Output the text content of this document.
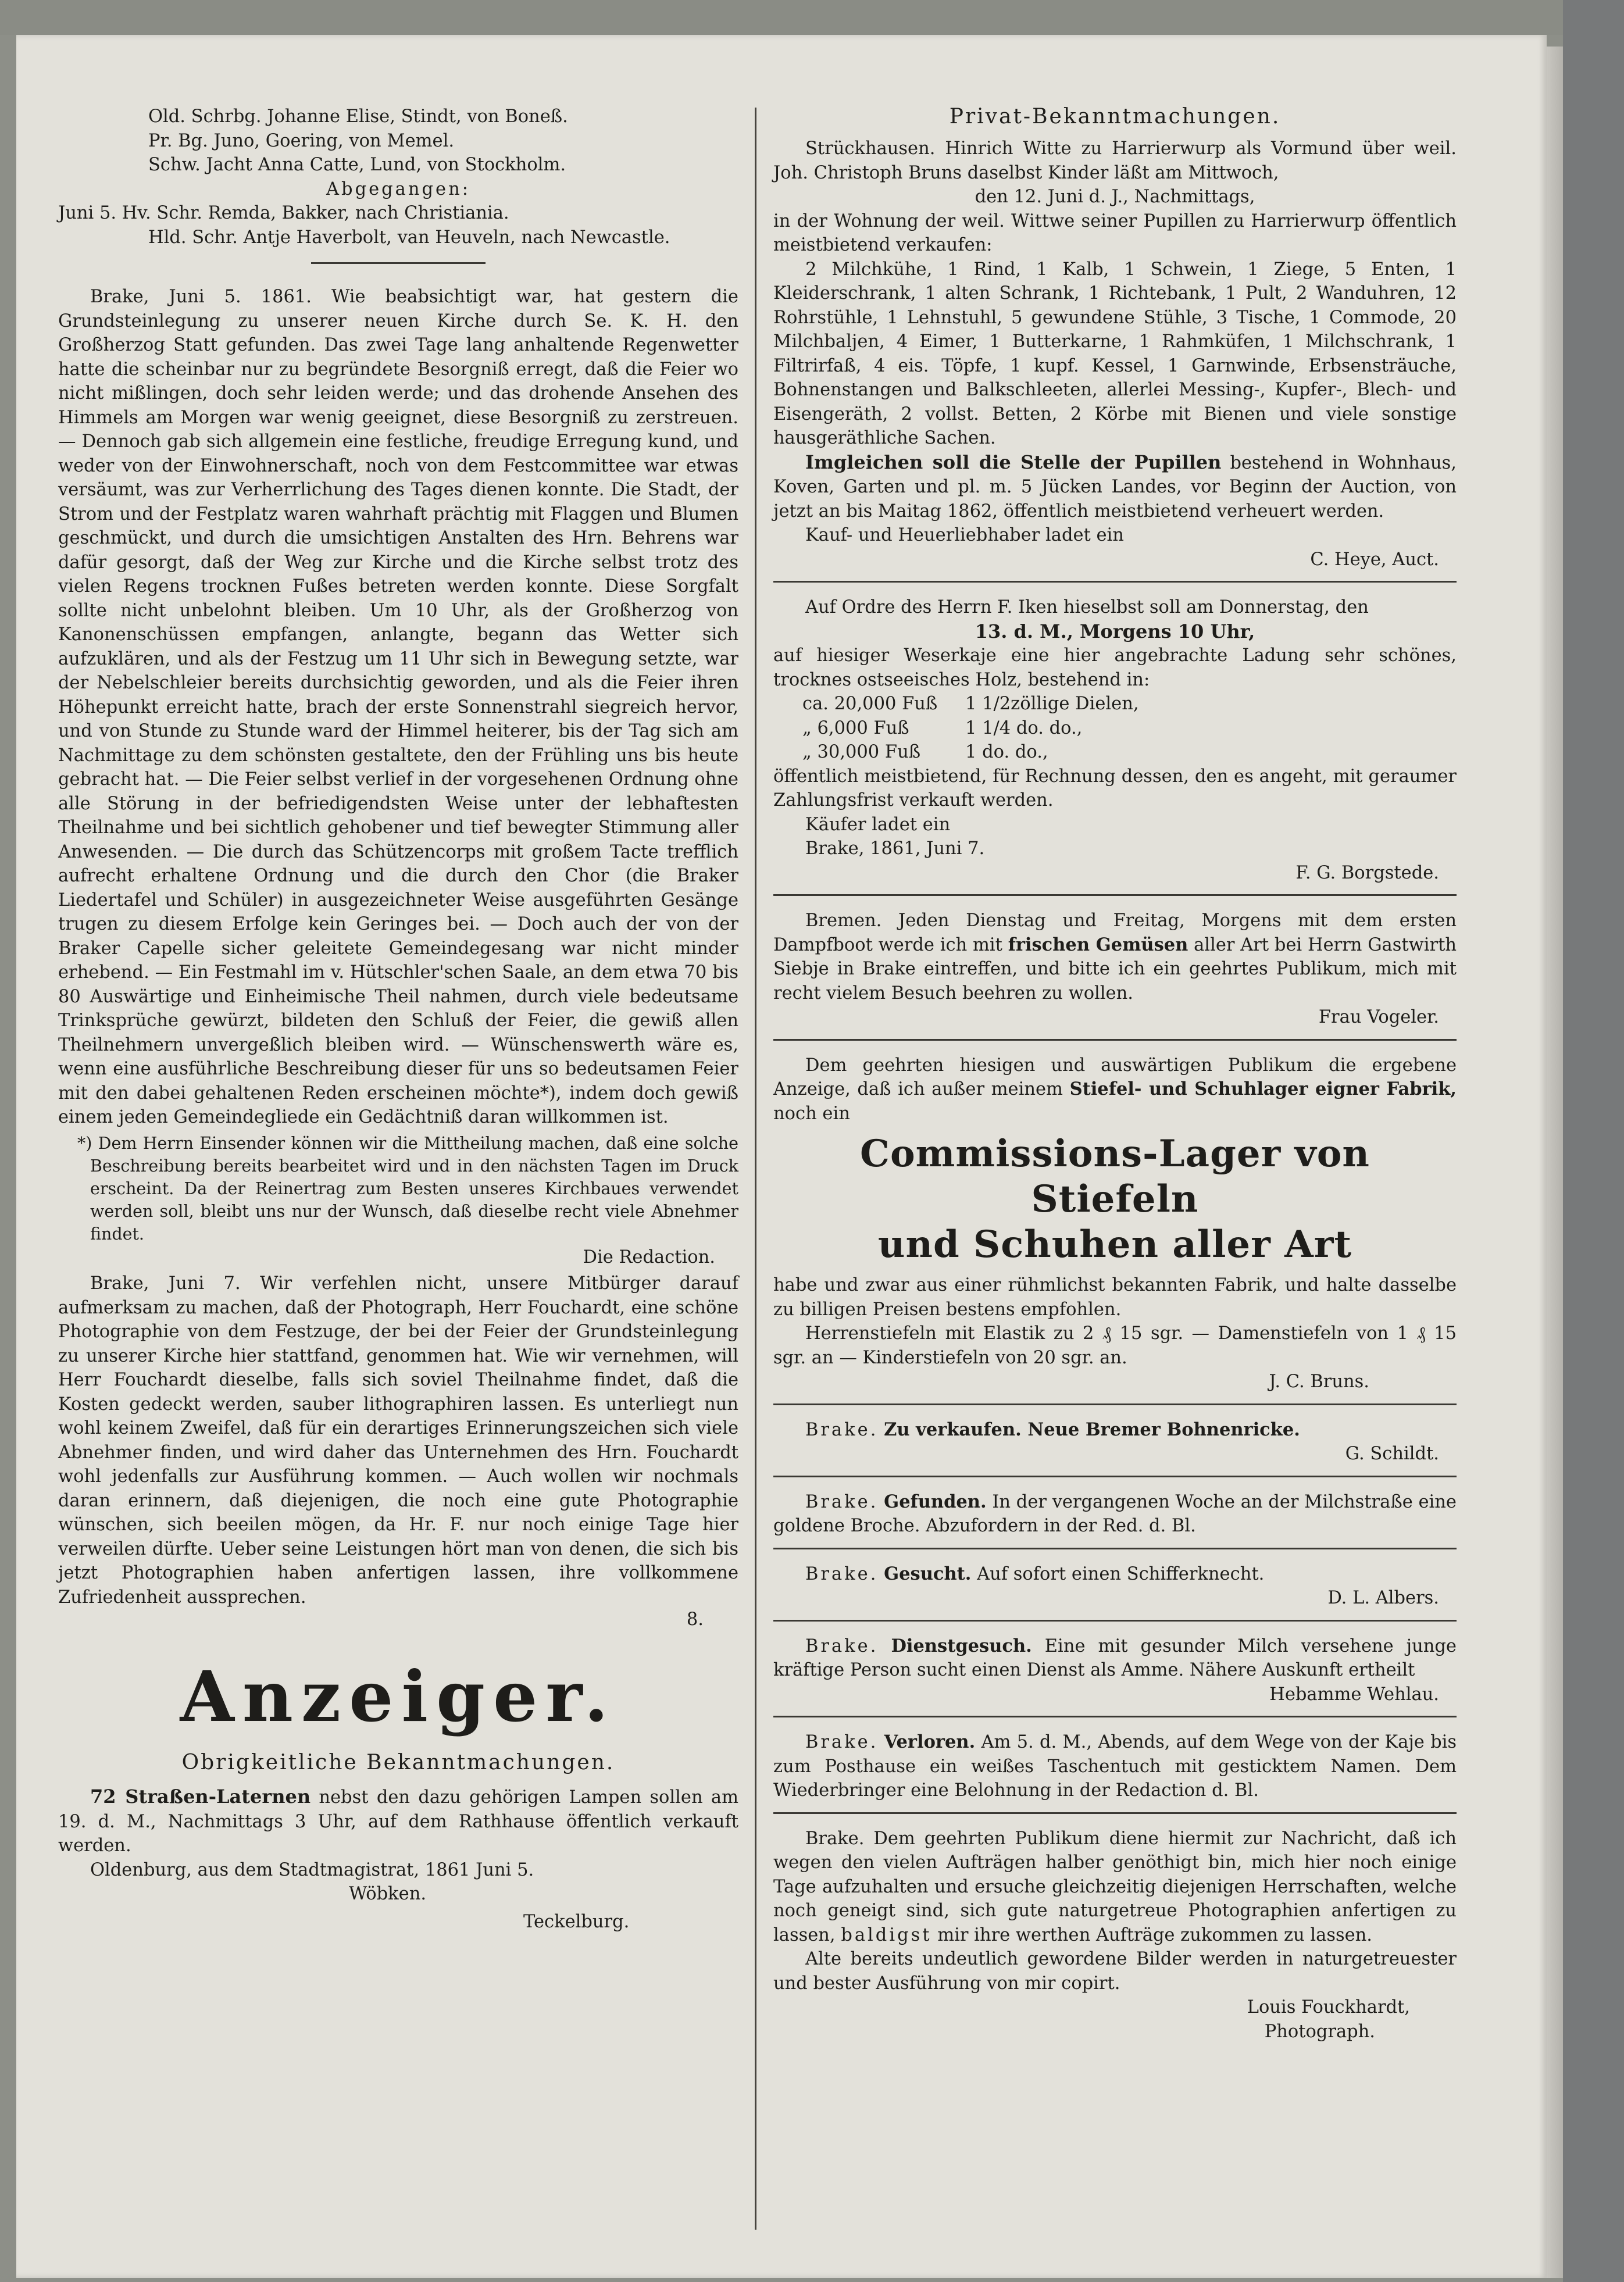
Old. Schrbg. Johanne Elise, Stindt, von Boneß.

Pr. Bg. Juno, Goering, von Memel.

Schw. Jacht Anna Catte, Lund, von Stockholm.

Abgegangen:

Juni 5. Hv. Schr. Remda, Bakker, nach Christiania.

Hld. Schr. Antje Haverbolt, van Heuveln, nach Newcastle.

Brake, Juni 5. 1861. Wie beabsichtigt war, hat gestern die Grundsteinlegung zu unserer neuen Kirche durch Se. K. H. den Großherzog Statt gefunden. Das zwei Tage lang anhaltende Regenwetter hatte die scheinbar nur zu begründete Besorgniß erregt, daß die Feier wo nicht mißlingen, doch sehr leiden werde; und das drohende Ansehen des Himmels am Morgen war wenig geeignet, diese Besorgniß zu zerstreuen. — Dennoch gab sich allgemein eine festliche, freudige Erregung kund, und weder von der Einwohnerschaft, noch von dem Festcommittee war etwas versäumt, was zur Verherrlichung des Tages dienen konnte. Die Stadt, der Strom und der Festplatz waren wahrhaft prächtig mit Flaggen und Blumen geschmückt, und durch die umsichtigen Anstalten des Hrn. Behrens war dafür gesorgt, daß der Weg zur Kirche und die Kirche selbst trotz des vielen Regens trocknen Fußes betreten werden konnte. Diese Sorgfalt sollte nicht unbelohnt bleiben. Um 10 Uhr, als der Großherzog von Kanonenschüssen empfangen, anlangte, begann das Wetter sich aufzuklären, und als der Festzug um 11 Uhr sich in Bewegung setzte, war der Nebelschleier bereits durchsichtig geworden, und als die Feier ihren Höhepunkt erreicht hatte, brach der erste Sonnenstrahl siegreich hervor, und von Stunde zu Stunde ward der Himmel heiterer, bis der Tag sich am Nachmittage zu dem schönsten gestaltete, den der Frühling uns bis heute gebracht hat. — Die Feier selbst verlief in der vorgesehenen Ordnung ohne alle Störung in der befriedigendsten Weise unter der lebhaftesten Theilnahme und bei sichtlich gehobener und tief bewegter Stimmung aller Anwesenden. — Die durch das Schützencorps mit großem Tacte trefflich aufrecht erhaltene Ordnung und die durch den Chor (die Braker Liedertafel und Schüler) in ausgezeichneter Weise ausgeführten Gesänge trugen zu diesem Erfolge kein Geringes bei. — Doch auch der von der Braker Capelle sicher geleitete Gemeindegesang war nicht minder erhebend. — Ein Festmahl im v. Hütschler'schen Saale, an dem etwa 70 bis 80 Auswärtige und Einheimische Theil nahmen, durch viele bedeutsame Trinksprüche gewürzt, bildeten den Schluß der Feier, die gewiß allen Theilnehmern unvergeßlich bleiben wird. — Wünschenswerth wäre es, wenn eine ausführliche Beschreibung dieser für uns so bedeutsamen Feier mit den dabei gehaltenen Reden erscheinen möchte*), indem doch gewiß einem jeden Gemeindegliede ein Gedächtniß daran willkommen ist.

*) Dem Herrn Einsender können wir die Mittheilung machen, daß eine solche Beschreibung bereits bearbeitet wird und in den nächsten Tagen im Druck erscheint. Da der Reinertrag zum Besten unseres Kirchbaues verwendet werden soll, bleibt uns nur der Wunsch, daß dieselbe recht viele Abnehmer findet.

Die Redaction.

Brake, Juni 7. Wir verfehlen nicht, unsere Mitbürger darauf aufmerksam zu machen, daß der Photograph, Herr Fouchardt, eine schöne Photographie von dem Festzuge, der bei der Feier der Grundsteinlegung zu unserer Kirche hier stattfand, genommen hat. Wie wir vernehmen, will Herr Fouchardt dieselbe, falls sich soviel Theilnahme findet, daß die Kosten gedeckt werden, sauber lithographiren lassen. Es unterliegt nun wohl keinem Zweifel, daß für ein derartiges Erinnerungszeichen sich viele Abnehmer finden, und wird daher das Unternehmen des Hrn. Fouchardt wohl jedenfalls zur Ausführung kommen. — Auch wollen wir nochmals daran erinnern, daß diejenigen, die noch eine gute Photographie wünschen, sich beeilen mögen, da Hr. F. nur noch einige Tage hier verweilen dürfte. Ueber seine Leistungen hört man von denen, die sich bis jetzt Photographien haben anfertigen lassen, ihre vollkommene Zufriedenheit aussprechen.

8.

Anzeiger.
Obrigkeitliche Bekanntmachungen.

72 Straßen-Laternen nebst den dazu gehörigen Lampen sollen am 19. d. M., Nachmittags 3 Uhr, auf dem Rathhause öffentlich verkauft werden.

Oldenburg, aus dem Stadtmagistrat, 1861 Juni 5.

Wöbken.

Teckelburg.

Privat-Bekanntmachungen.

Strückhausen. Hinrich Witte zu Harrierwurp als Vormund über weil. Joh. Christoph Bruns daselbst Kinder läßt am Mittwoch,

den 12. Juni d. J., Nachmittags,

in der Wohnung der weil. Wittwe seiner Pupillen zu Harrierwurp öffentlich meistbietend verkaufen:

2 Milchkühe, 1 Rind, 1 Kalb, 1 Schwein, 1 Ziege, 5 Enten, 1 Kleiderschrank, 1 alten Schrank, 1 Richtebank, 1 Pult, 2 Wanduhren, 12 Rohrstühle, 1 Lehnstuhl, 5 gewundene Stühle, 3 Tische, 1 Commode, 20 Milchbaljen, 4 Eimer, 1 Butterkarne, 1 Rahmküfen, 1 Milchschrank, 1 Filtrirfaß, 4 eis. Töpfe, 1 kupf. Kessel, 1 Garnwinde, Erbsensträuche, Bohnenstangen und Balkschleeten, allerlei Messing-, Kupfer-, Blech- und Eisengeräth, 2 vollst. Betten, 2 Körbe mit Bienen und viele sonstige hausgeräthliche Sachen.

Imgleichen soll die Stelle der Pupillen bestehend in Wohnhaus, Koven, Garten und pl. m. 5 Jücken Landes, vor Beginn der Auction, von jetzt an bis Maitag 1862, öffentlich meistbietend verheuert werden.

Kauf- und Heuerliebhaber ladet ein

C. Heye, Auct.

Auf Ordre des Herrn F. Iken hieselbst soll am Donnerstag, den

13. d. M., Morgens 10 Uhr,

auf hiesiger Weserkaje eine hier angebrachte Ladung sehr schönes, trocknes ostseeisches Holz, bestehend in:

ca. 20,000 Fuß	1 1/2zöllige Dielen,
„ 6,000 Fuß	1 1/4 do. do.,
„ 30,000 Fuß	1 do. do.,

öffentlich meistbietend, für Rechnung dessen, den es angeht, mit geraumer Zahlungsfrist verkauft werden.

Käufer ladet ein

Brake, 1861, Juni 7.

F. G. Borgstede.

Bremen. Jeden Dienstag und Freitag, Morgens mit dem ersten Dampfboot werde ich mit frischen Gemüsen aller Art bei Herrn Gastwirth Siebje in Brake eintreffen, und bitte ich ein geehrtes Publikum, mich mit recht vielem Besuch beehren zu wollen.

Frau Vogeler.

Dem geehrten hiesigen und auswärtigen Publikum die ergebene Anzeige, daß ich außer meinem Stiefel- und Schuhlager eigner Fabrik, noch ein

Commissions-Lager von Stiefeln
und Schuhen aller Art

habe und zwar aus einer rühmlichst bekannten Fabrik, und halte dasselbe zu billigen Preisen bestens empfohlen.

Herrenstiefeln mit Elastik zu 2 ₰ 15 sgr. — Damenstiefeln von 1 ₰ 15 sgr. an — Kinderstiefeln von 20 sgr. an.

J. C. Bruns.

Brake. Zu verkaufen. Neue Bremer Bohnenricke.

G. Schildt.

Brake. Gefunden. In der vergangenen Woche an der Milchstraße eine goldene Broche. Abzufordern in der Red. d. Bl.

Brake. Gesucht. Auf sofort einen Schifferknecht.

D. L. Albers.

Brake. Dienstgesuch. Eine mit gesunder Milch versehene junge kräftige Person sucht einen Dienst als Amme. Nähere Auskunft ertheilt

Hebamme Wehlau.

Brake. Verloren. Am 5. d. M., Abends, auf dem Wege von der Kaje bis zum Posthause ein weißes Taschentuch mit gesticktem Namen. Dem Wiederbringer eine Belohnung in der Redaction d. Bl.

Brake. Dem geehrten Publikum diene hiermit zur Nachricht, daß ich wegen den vielen Aufträgen halber genöthigt bin, mich hier noch einige Tage aufzuhalten und ersuche gleichzeitig diejenigen Herrschaften, welche noch geneigt sind, sich gute naturgetreue Photographien anfertigen zu lassen, baldigst mir ihre werthen Aufträge zukommen zu lassen.

Alte bereits undeutlich gewordene Bilder werden in naturgetreuester und bester Ausführung von mir copirt.

Louis Fouckhardt,

Photograph.
